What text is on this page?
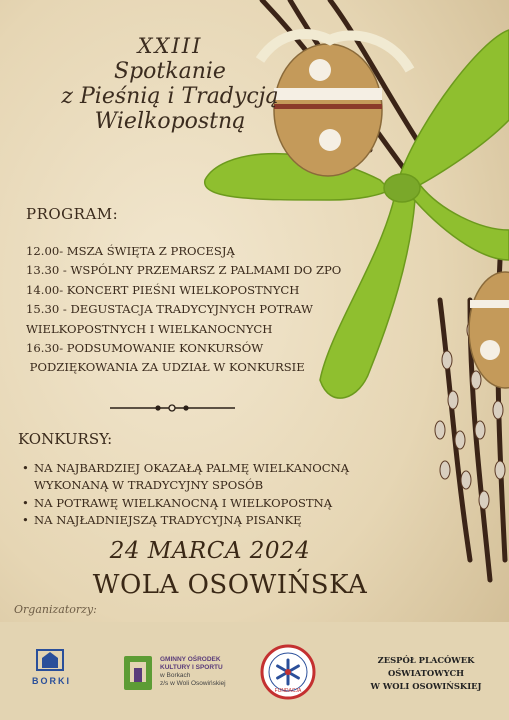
XXIII
Spotkanie
z Pieśnią i Tradycją
Wielkopostną
PROGRAM:
12.00- MSZA ŚWIĘTA Z PROCESJĄ
13.30 - WSPÓLNY PRZEMARSZ Z PALMAMI DO ZPO
14.00- KONCERT PIEŚNI WIELKOPOSTNYCH
15.30 - DEGUSTACJA TRADYCYJNYCH POTRAW
WIELKOPOSTNYCH I WIELKANOCNYCH
16.30- PODSUMOWANIE KONKURSÓW
PODZIĘKOWANIA ZA UDZIAŁ W KONKURSIE
KONKURSY:
• NA NAJBARDZIEJ OKAZAŁĄ PALMĘ WIELKANOCNĄ
WYKONANĄ W TRADYCYJNY SPOSÓB
• NA POTRAWĘ WIELKANOCNĄ I WIELKOPOSTNĄ
• NA NAJŁADNIEJSZĄ TRADYCYJNĄ PISANKĘ
24 MARCA 2024
WOLA OSOWIŃSKA
Organizatorzy:
BORKI
GMINNY OŚRODEK
KULTURY I SPORTU
w Borkach
z/s w Woli Osowińskiej
FUNDACJA
ZESPÓŁ PLACÓWEK
OŚWIATOWYCH
W WOLI OSOWIŃSKIEJ
